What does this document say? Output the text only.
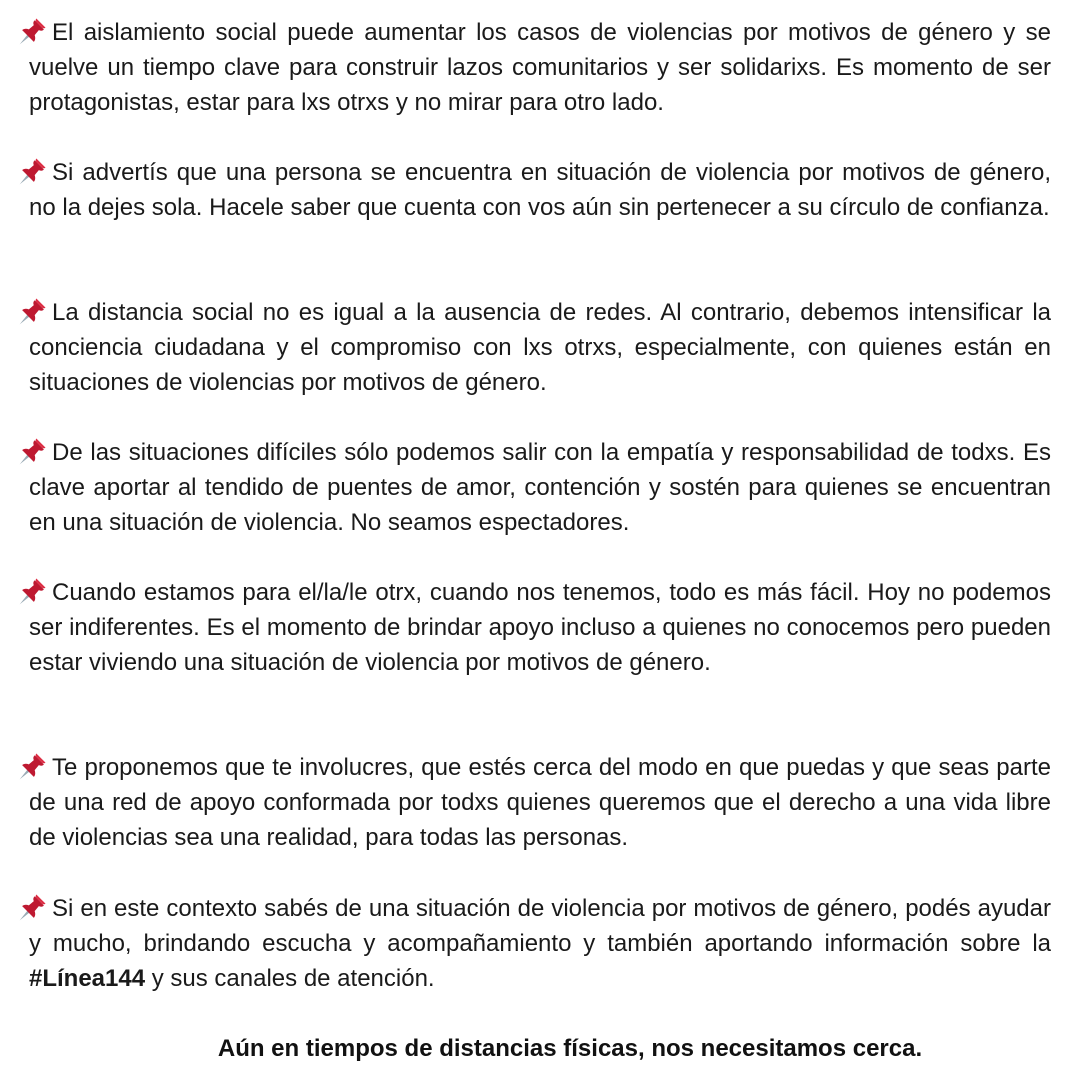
El aislamiento social puede aumentar los casos de violencias por motivos de género y se vuelve un tiempo clave para construir lazos comunitarios y ser solidarixs. Es momento de ser protagonistas, estar para lxs otrxs y no mirar para otro lado.

Si advertís que una persona se encuentra en situación de violencia por motivos de género, no la dejes sola. Hacele saber que cuenta con vos aún sin pertenecer a su círculo de confianza.

La distancia social no es igual a la ausencia de redes. Al contrario, debemos intensificar la conciencia ciudadana y el compromiso con lxs otrxs, especialmente, con quienes están en situaciones de violencias por motivos de género.

De las situaciones difíciles sólo podemos salir con la empatía y responsabilidad de todxs. Es clave aportar al tendido de puentes de amor, contención y sostén para quienes se encuentran en una situación de violencia. No seamos espectadores.

Cuando estamos para el/la/le otrx, cuando nos tenemos, todo es más fácil. Hoy no podemos ser indiferentes. Es el momento de brindar apoyo incluso a quienes no conocemos pero pueden estar viviendo una situación de violencia por motivos de género.

Te proponemos que te involucres, que estés cerca del modo en que puedas y que seas parte de una red de apoyo conformada por todxs quienes queremos que el derecho a una vida libre de violencias sea una realidad, para todas las personas.

Si en este contexto sabés de una situación de violencia por motivos de género, podés ayudar y mucho, brindando escucha y acompañamiento y también aportando información sobre la #Línea144 y sus canales de atención.

Aún en tiempos de distancias físicas, nos necesitamos cerca.
